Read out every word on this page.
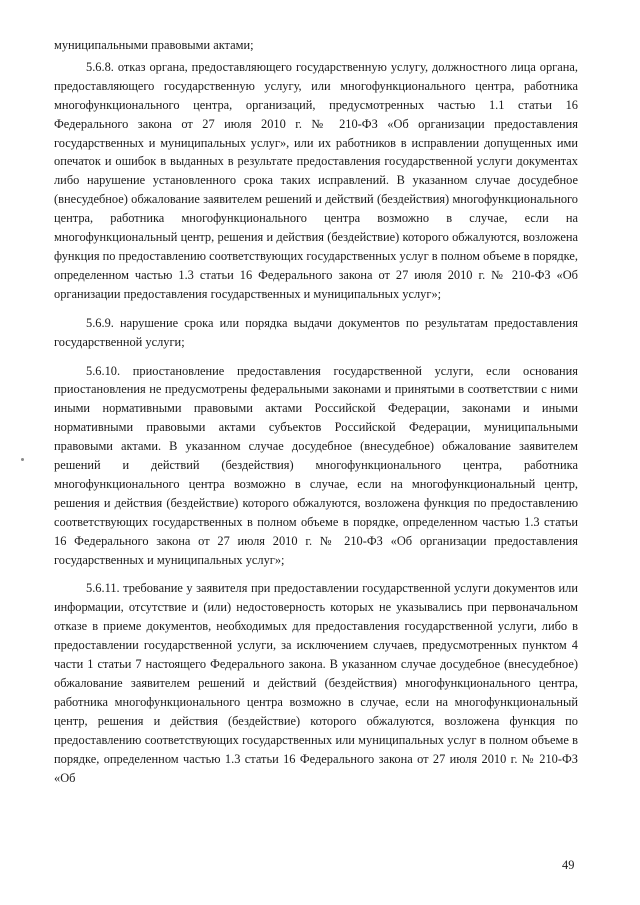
муниципальными правовыми актами;

5.6.8. отказ органа, предоставляющего государственную услугу, должностного лица органа, предоставляющего государственную услугу, или многофункционального центра, работника многофункционального центра, организаций, предусмотренных частью 1.1 статьи 16 Федерального закона от 27 июля 2010 г. № 210-ФЗ «Об организации предоставления государственных и муниципальных услуг», или их работников в исправлении допущенных ими опечаток и ошибок в выданных в результате предоставления государственной услуги документах либо нарушение установленного срока таких исправлений. В указанном случае досудебное (внесудебное) обжалование заявителем решений и действий (бездействия) многофункционального центра, работника многофункционального центра возможно в случае, если на многофункциональный центр, решения и действия (бездействие) которого обжалуются, возложена функция по предоставлению соответствующих государственных услуг в полном объеме в порядке, определенном частью 1.3 статьи 16 Федерального закона от 27 июля 2010 г. № 210-ФЗ «Об организации предоставления государственных и муниципальных услуг»;

5.6.9. нарушение срока или порядка выдачи документов по результатам предоставления государственной услуги;

5.6.10. приостановление предоставления государственной услуги, если основания приостановления не предусмотрены федеральными законами и принятыми в соответствии с ними иными нормативными правовыми актами Российской Федерации, законами и иными нормативными правовыми актами субъектов Российской Федерации, муниципальными правовыми актами. В указанном случае досудебное (внесудебное) обжалование заявителем решений и действий (бездействия) многофункционального центра, работника многофункционального центра возможно в случае, если на многофункциональный центр, решения и действия (бездействие) которого обжалуются, возложена функция по предоставлению соответствующих государственных в полном объеме в порядке, определенном частью 1.3 статьи 16 Федерального закона от 27 июля 2010 г. № 210-ФЗ «Об организации предоставления государственных и муниципальных услуг»;

5.6.11. требование у заявителя при предоставлении государственной услуги документов или информации, отсутствие и (или) недостоверность которых не указывались при первоначальном отказе в приеме документов, необходимых для предоставления государственной услуги, либо в предоставлении государственной услуги, за исключением случаев, предусмотренных пунктом 4 части 1 статьи 7 настоящего Федерального закона. В указанном случае досудебное (внесудебное) обжалование заявителем решений и действий (бездействия) многофункционального центра, работника многофункционального центра возможно в случае, если на многофункциональный центр, решения и действия (бездействие) которого обжалуются, возложена функция по предоставлению соответствующих государственных или муниципальных услуг в полном объеме в порядке, определенном частью 1.3 статьи 16 Федерального закона от 27 июля 2010 г. № 210-ФЗ «Об

49
